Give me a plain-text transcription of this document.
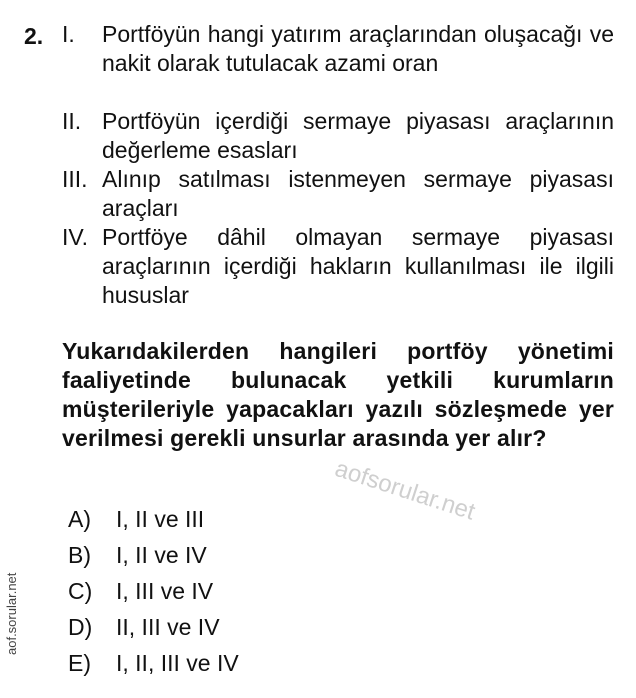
2. I.	Portföyün hangi yatırım araçlarından oluşacağı ve nakit olarak tutulacak azami oran
II. Portföyün içerdiği sermaye piyasası araçlarının değerleme esasları
III. Alınıp satılması istenmeyen sermaye piyasası araçları
IV. Portföye dâhil olmayan sermaye piyasası araçlarının içerdiği hakların kullanılması ile ilgili hususlar
Yukarıdakilerden hangileri portföy yönetimi faaliyetinde bulunacak yetkili kurumların müşterileriyle yapacakları yazılı sözleşmede yer verilmesi gerekli unsurlar arasında yer alır?
A) I, II ve III
B) I, II ve IV
C) I, III ve IV
D) II, III ve IV
E) I, II, III ve IV
aofsorular.net
aof.sorular.net
